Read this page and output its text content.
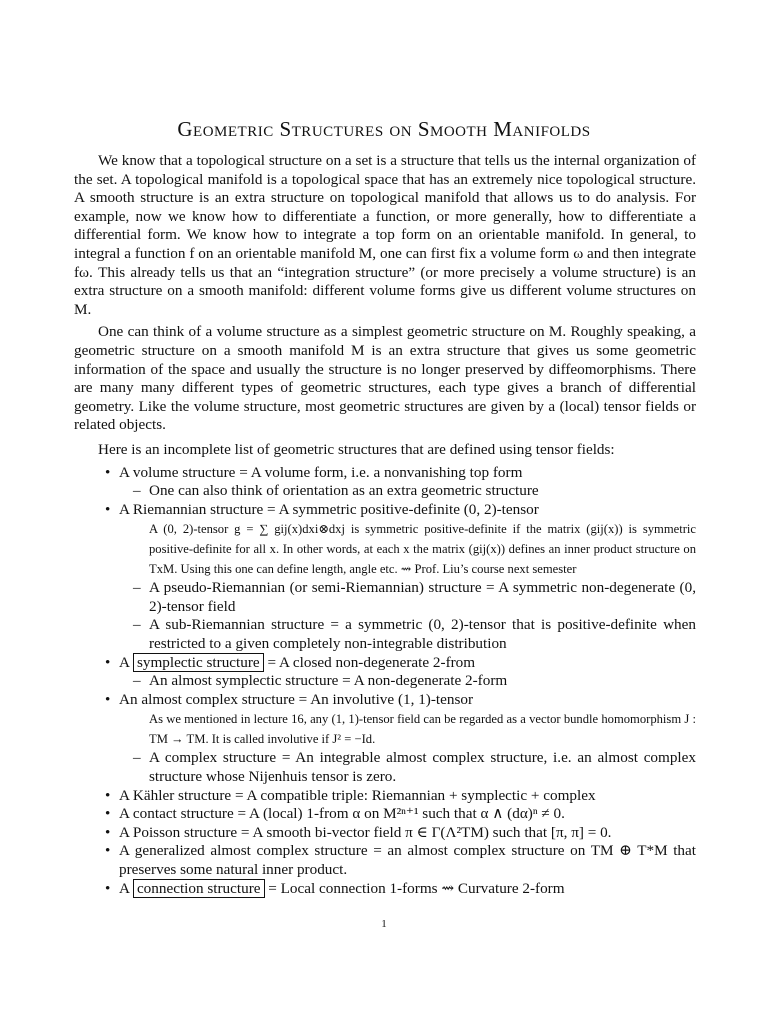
Geometric Structures on Smooth Manifolds

We know that a topological structure on a set is a structure that tells us the internal organization of the set. A topological manifold is a topological space that has an extremely nice topological structure. A smooth structure is an extra structure on topological manifold that allows us to do analysis. For example, now we know how to differentiate a function, or more generally, how to differentiate a differential form. We know how to integrate a top form on an orientable manifold. In general, to integral a function f on an orientable manifold M, one can first fix a volume form ω and then integrate fω. This already tells us that an “integration structure” (or more precisely a volume structure) is an extra structure on a smooth manifold: different volume forms give us different volume structures on M.

One can think of a volume structure as a simplest geometric structure on M. Roughly speaking, a geometric structure on a smooth manifold M is an extra structure that gives us some geometric information of the space and usually the structure is no longer preserved by diffeomorphisms. There are many many different types of geometric structures, each type gives a branch of differential geometry. Like the volume structure, most geometric structures are given by a (local) tensor fields or related objects.

Here is an incomplete list of geometric structures that are defined using tensor fields:

• A volume structure = A volume form, i.e. a nonvanishing top form
– One can also think of orientation as an extra geometric structure
• A Riemannian structure = A symmetric positive-definite (0, 2)-tensor
A (0, 2)-tensor g = ∑ gij(x)dxi⊗dxj is symmetric positive-definite if the matrix (gij(x)) is symmetric positive-definite for all x. In other words, at each x the matrix (gij(x)) defines an inner product structure on TxM. Using this one can define length, angle etc. ⇝ Prof. Liu’s course next semester
– A pseudo-Riemannian (or semi-Riemannian) structure = A symmetric non-degenerate (0, 2)-tensor field
– A sub-Riemannian structure = a symmetric (0, 2)-tensor that is positive-definite when restricted to a given completely non-integrable distribution
• A symplectic structure = A closed non-degenerate 2-from
– An almost symplectic structure = A non-degenerate 2-form
• An almost complex structure = An involutive (1, 1)-tensor
As we mentioned in lecture 16, any (1, 1)-tensor field can be regarded as a vector bundle homomorphism J : TM → TM. It is called involutive if J² = −Id.
– A complex structure = An integrable almost complex structure, i.e. an almost complex structure whose Nijenhuis tensor is zero.
• A Kähler structure = A compatible triple: Riemannian + symplectic + complex
• A contact structure = A (local) 1-from α on M²ⁿ⁺¹ such that α ∧ (dα)ⁿ ≠ 0.
• A Poisson structure = A smooth bi-vector field π ∈ Γ(Λ²TM) such that [π, π] = 0.
• A generalized almost complex structure = an almost complex structure on TM ⊕ T*M that preserves some natural inner product.
• A connection structure = Local connection 1-forms ⇝ Curvature 2-form
1
